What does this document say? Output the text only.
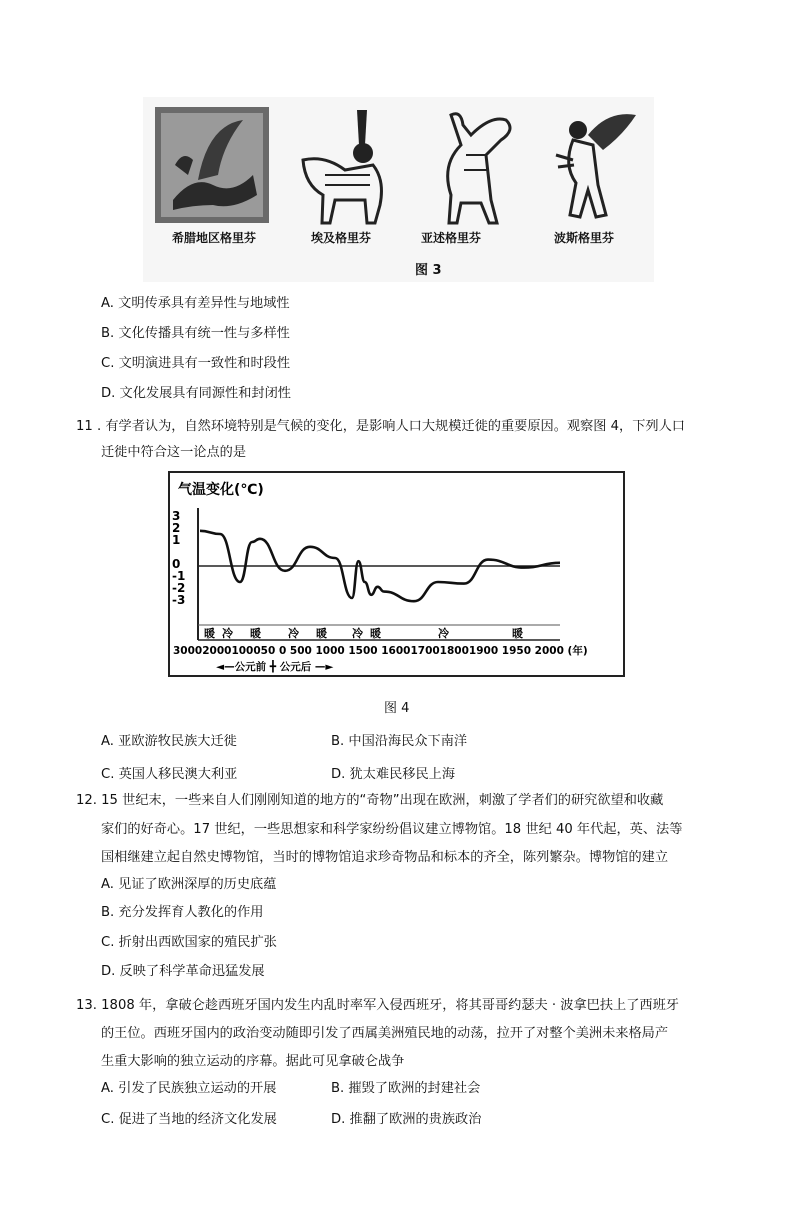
希腊地区格里芬	埃及格里芬	亚述格里芬	波斯格里芬
图 3
A. 文明传承具有差异性与地域性
B. 文化传播具有统一性与多样性
C. 文明演进具有一致性和时段性
D. 文化发展具有同源性和封闭性
11 . 有学者认为，自然环境特别是气候的变化，是影响人口大规模迁徙的重要原因。观察图 4，下列人口
迁徙中符合这一论点的是
气温变化(℃)
3
2
1
0
-1
-2
-3
暖 冷 暖 冷 暖 冷 暖	冷	暖
30002000100050 0 500 1000 1500 1600170018001900 1950 2000 (年)
◄—公元前 ╋ 公元后 —►
图 4
A. 亚欧游牧民族大迁徙	B. 中国沿海民众下南洋
C. 英国人移民澳大利亚	D. 犹太难民移民上海
12. 15 世纪末，一些来自人们刚刚知道的地方的“奇物”出现在欧洲，刺激了学者们的研究欲望和收藏
家们的好奇心。17 世纪，一些思想家和科学家纷纷倡议建立博物馆。18 世纪 40 年代起，英、法等
国相继建立起自然史博物馆，当时的博物馆追求珍奇物品和标本的齐全，陈列繁杂。博物馆的建立
A. 见证了欧洲深厚的历史底蕴
B. 充分发挥育人教化的作用
C. 折射出西欧国家的殖民扩张
D. 反映了科学革命迅猛发展
13. 1808 年，拿破仑趁西班牙国内发生内乱时率军入侵西班牙，将其哥哥约瑟夫 · 波拿巴扶上了西班牙
的王位。西班牙国内的政治变动随即引发了西属美洲殖民地的动荡，拉开了对整个美洲未来格局产
生重大影响的独立运动的序幕。据此可见拿破仑战争
A. 引发了民族独立运动的开展	B. 摧毁了欧洲的封建社会
C. 促进了当地的经济文化发展	D. 推翻了欧洲的贵族政治
